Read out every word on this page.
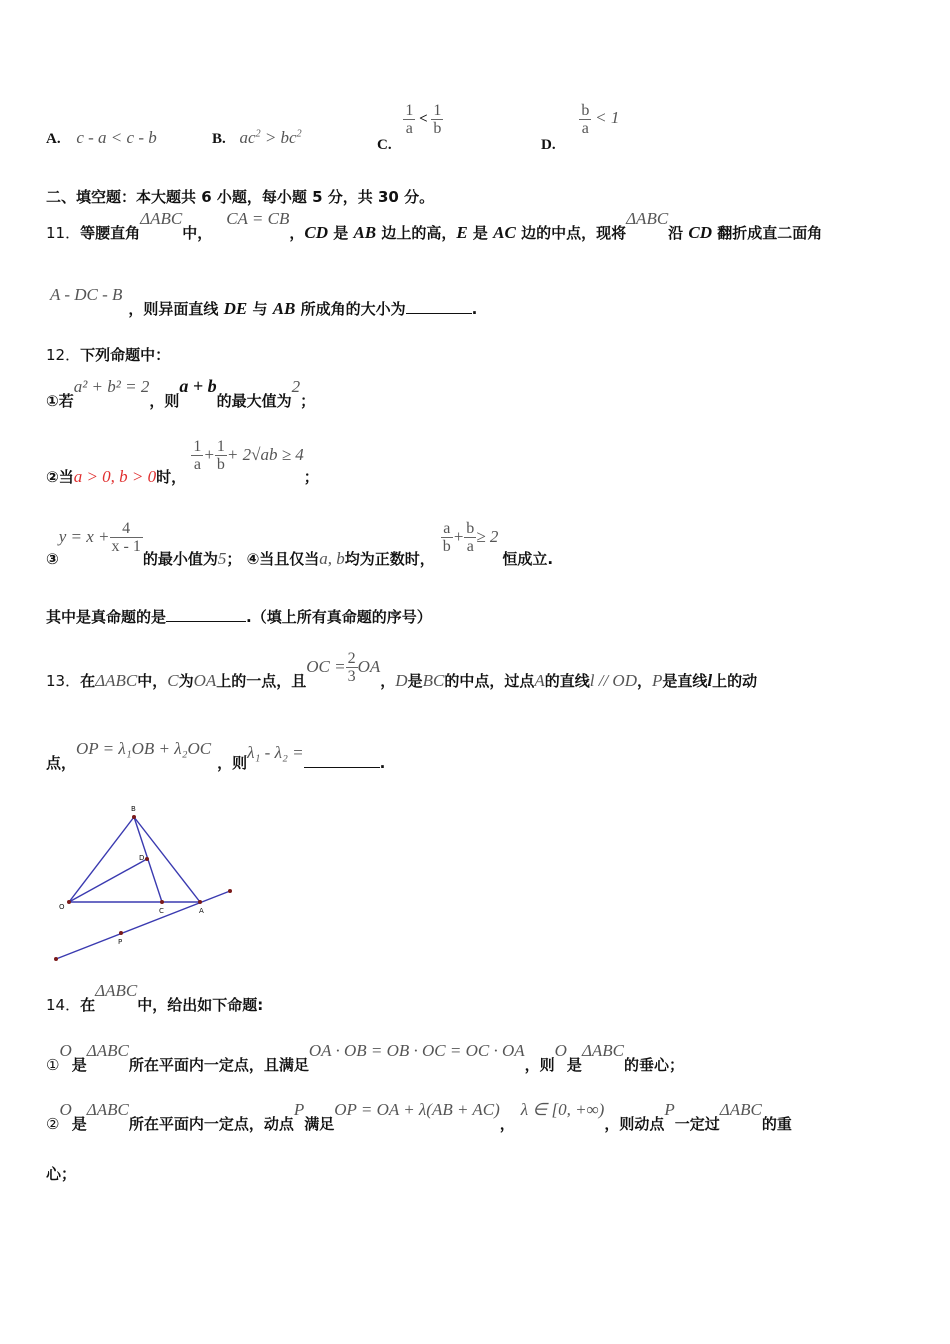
A. c - a < c - b	B. $ac^2 > bc^2$
C.
$\frac{1}{a} < \frac{1}{b}$
D.
$\frac{b}{a} < 1$
二、填空题：本大题共 6 小题，每小题 5 分，共 30 分。
11．等腰直角ΔABC中，CA = CB，CD 是 AB 边上的高，E 是 AC 边的中点，现将ΔABC沿 CD 翻折成直二面角
A - DC - B，则异面直线 DE 与 AB 所成角的大小为	.
12．下列命题中：
①若a² + b² = 2，则a + b的最大值为2；
②当a > 0, b > 0时，
$\frac{1}{a} + \frac{1}{b} + 2√ab \ge 4$；
③y = $x + \frac{4}{x - 1}$
的最小值为5； ④当且仅当a, b均为正数时，
$\frac{a}{b} + \frac{b}{a} \ge 2$恒成立.
其中是真命题的是	.（填上所有真命题的序号）
13．在ΔABC中，C为OA上的一点，且OC = $\frac{2}{3}$ OA，D是BC的中点，过点A的直线l // OD，P是直线l上的动
点，OP = λ₁OB + λ₂OC，则λ₁ - λ₂ =.
B
D
O	C	A
P
14．在ΔABC中，给出如下命题:
①O是ΔABC所在平面内一定点，且满足OA · OB = OB · OC = OC · OA，则O是ΔABC的垂心；
②O是ΔABC所在平面内一定点，动点P满足OP = OA + λ(AB + AC)，λ ∈ [0, +∞)，则动点P一定过ΔABC的重
心；
